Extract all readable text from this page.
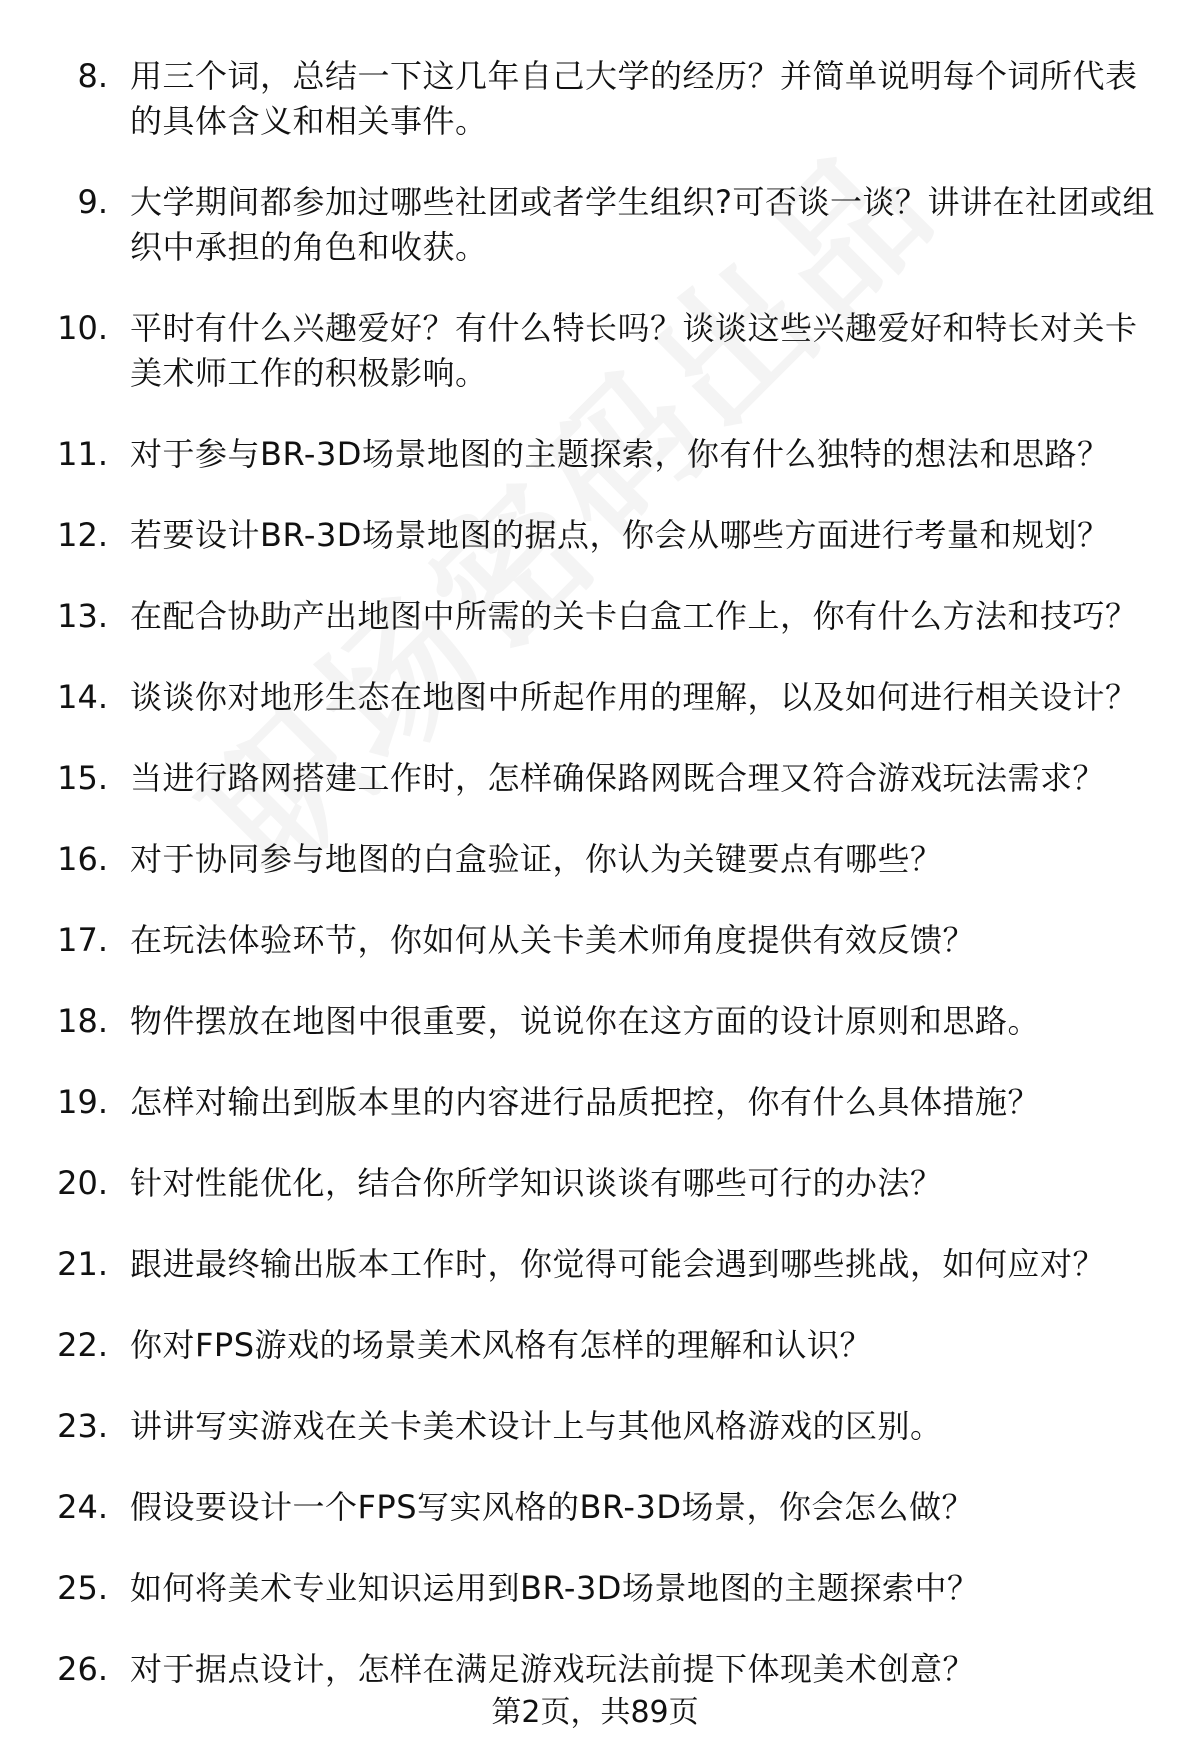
8. 用三个词，总结一下这几年自己大学的经历？并简单说明每个词所代表的具体含义和相关事件。
9. 大学期间都参加过哪些社团或者学生组织?可否谈一谈？讲讲在社团或组织中承担的角色和收获。
10. 平时有什么兴趣爱好？有什么特长吗？谈谈这些兴趣爱好和特长对关卡美术师工作的积极影响。
11. 对于参与BR-3D场景地图的主题探索，你有什么独特的想法和思路？
12. 若要设计BR-3D场景地图的据点，你会从哪些方面进行考量和规划？
13. 在配合协助产出地图中所需的关卡白盒工作上，你有什么方法和技巧？
14. 谈谈你对地形生态在地图中所起作用的理解，以及如何进行相关设计？
15. 当进行路网搭建工作时，怎样确保路网既合理又符合游戏玩法需求？
16. 对于协同参与地图的白盒验证，你认为关键要点有哪些？
17. 在玩法体验环节，你如何从关卡美术师角度提供有效反馈？
18. 物件摆放在地图中很重要，说说你在这方面的设计原则和思路。
19. 怎样对输出到版本里的内容进行品质把控，你有什么具体措施？
20. 针对性能优化，结合你所学知识谈谈有哪些可行的办法？
21. 跟进最终输出版本工作时，你觉得可能会遇到哪些挑战，如何应对？
22. 你对FPS游戏的场景美术风格有怎样的理解和认识？
23. 讲讲写实游戏在关卡美术设计上与其他风格游戏的区别。
24. 假设要设计一个FPS写实风格的BR-3D场景，你会怎么做？
25. 如何将美术专业知识运用到BR-3D场景地图的主题探索中？
26. 对于据点设计，怎样在满足游戏玩法前提下体现美术创意？
第2页，共89页
